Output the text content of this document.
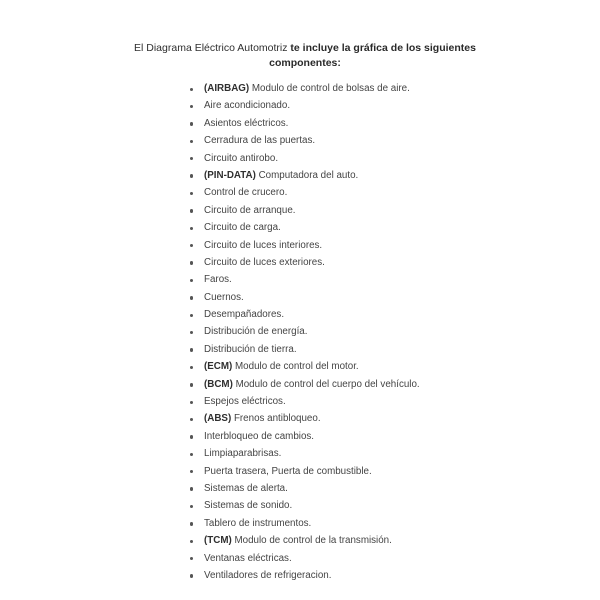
El Diagrama Eléctrico Automotriz te incluye la gráfica de los siguientes componentes:

(AIRBAG) Modulo de control de bolsas de aire.
Aire acondicionado.
Asientos eléctricos.
Cerradura de las puertas.
Circuito antirobo.
(PIN-DATA) Computadora del auto.
Control de crucero.
Circuito de arranque.
Circuito de carga.
Circuito de luces interiores.
Circuito de luces exteriores.
Faros.
Cuernos.
Desempañadores.
Distribución de energía.
Distribución de tierra.
(ECM) Modulo de control del motor.
(BCM) Modulo de control del cuerpo del vehículo.
Espejos eléctricos.
(ABS) Frenos antibloqueo.
Interbloqueo de cambios.
Limpiaparabrisas.
Puerta trasera, Puerta de combustible.
Sistemas de alerta.
Sistemas de sonido.
Tablero de instrumentos.
(TCM) Modulo de control de la transmisión.
Ventanas eléctricas.
Ventiladores de refrigeracion.
